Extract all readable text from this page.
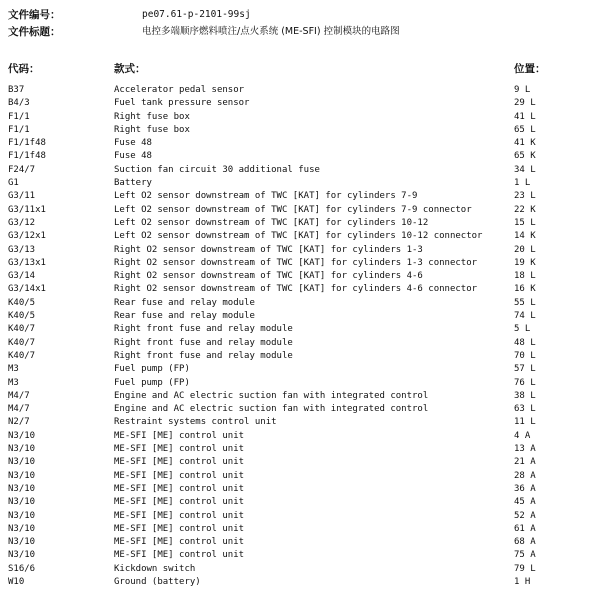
文件编号：	pe07.61-p-2101-99sj
文件标题：	电控多端顺序燃料喷注/点火系统 (ME-SFI) 控制模块的电路图
代码：	款式：	位置：
B37	Accelerator pedal sensor	9 L
B4/3	Fuel tank pressure sensor	29 L
F1/1	Right fuse box	41 L
F1/1	Right fuse box	65 L
F1/1f48	Fuse 48	41 K
F1/1f48	Fuse 48	65 K
F24/7	Suction fan circuit 30 additional fuse	34 L
G1	Battery	1 L
G3/11	Left O2 sensor downstream of TWC [KAT] for cylinders 7-9	23 L
G3/11x1	Left O2 sensor downstream of TWC [KAT] for cylinders 7-9 connector	22 K
G3/12	Left O2 sensor downstream of TWC [KAT] for cylinders 10-12	15 L
G3/12x1	Left O2 sensor downstream of TWC [KAT] for cylinders 10-12 connector	14 K
G3/13	Right O2 sensor downstream of TWC [KAT] for cylinders 1-3	20 L
G3/13x1	Right O2 sensor downstream of TWC [KAT] for cylinders 1-3 connector	19 K
G3/14	Right O2 sensor downstream of TWC [KAT] for cylinders 4-6	18 L
G3/14x1	Right O2 sensor downstream of TWC [KAT] for cylinders 4-6 connector	16 K
K40/5	Rear fuse and relay module	55 L
K40/5	Rear fuse and relay module	74 L
K40/7	Right front fuse and relay module	5 L
K40/7	Right front fuse and relay module	48 L
K40/7	Right front fuse and relay module	70 L
M3	Fuel pump (FP)	57 L
M3	Fuel pump (FP)	76 L
M4/7	Engine and AC electric suction fan with integrated control	38 L
M4/7	Engine and AC electric suction fan with integrated control	63 L
N2/7	Restraint systems control unit	11 L
N3/10	ME-SFI [ME] control unit	4 A
N3/10	ME-SFI [ME] control unit	13 A
N3/10	ME-SFI [ME] control unit	21 A
N3/10	ME-SFI [ME] control unit	28 A
N3/10	ME-SFI [ME] control unit	36 A
N3/10	ME-SFI [ME] control unit	45 A
N3/10	ME-SFI [ME] control unit	52 A
N3/10	ME-SFI [ME] control unit	61 A
N3/10	ME-SFI [ME] control unit	68 A
N3/10	ME-SFI [ME] control unit	75 A
S16/6	Kickdown switch	79 L
W10	Ground (battery)	1 H
